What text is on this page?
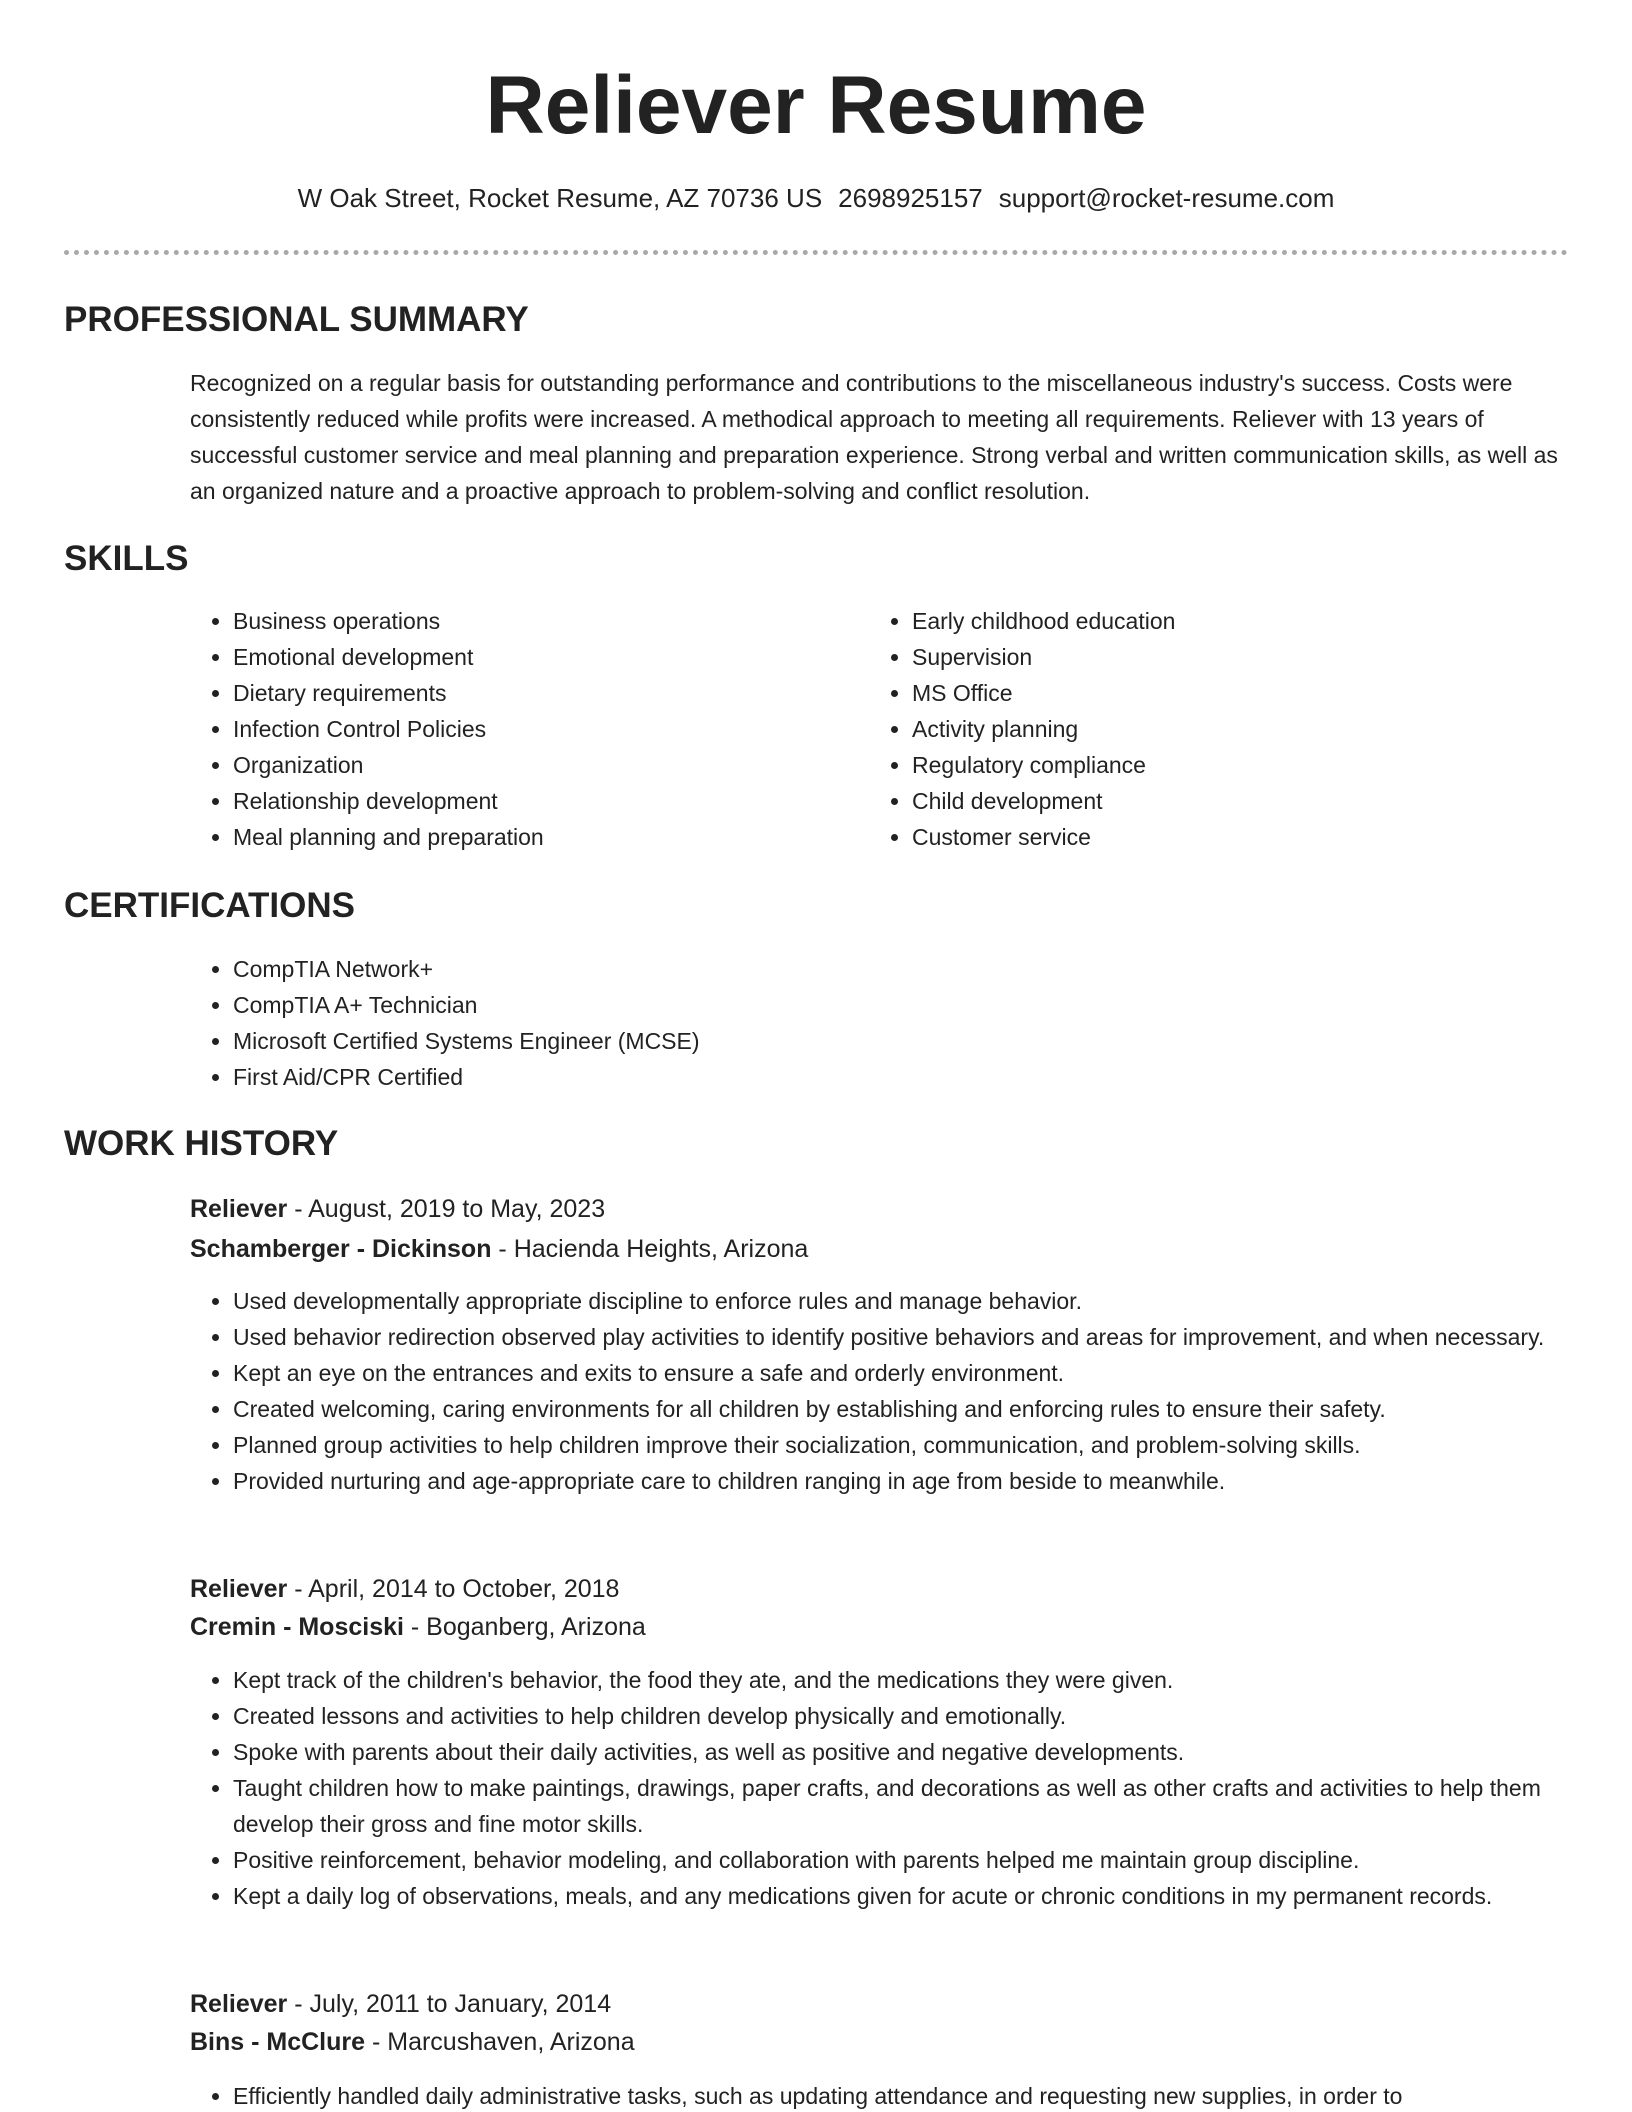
Reliever Resume
W Oak Street, Rocket Resume, AZ 70736 US 2698925157 support@rocket-resume.com
PROFESSIONAL SUMMARY

Recognized on a regular basis for outstanding performance and contributions to the miscellaneous industry's success. Costs were consistently reduced while profits were increased. A methodical approach to meeting all requirements. Reliever with 13 years of successful customer service and meal planning and preparation experience. Strong verbal and written communication skills, as well as an organized nature and a proactive approach to problem-solving and conflict resolution.

SKILLS
• Business operations
• Emotional development
• Dietary requirements
• Infection Control Policies
• Organization
• Relationship development
• Meal planning and preparation
• Early childhood education
• Supervision
• MS Office
• Activity planning
• Regulatory compliance
• Child development
• Customer service
CERTIFICATIONS
• CompTIA Network+
• CompTIA A+ Technician
• Microsoft Certified Systems Engineer (MCSE)
• First Aid/CPR Certified
WORK HISTORY
Reliever - August, 2019 to May, 2023
Schamberger - Dickinson - Hacienda Heights, Arizona
• Used developmentally appropriate discipline to enforce rules and manage behavior.
• Used behavior redirection observed play activities to identify positive behaviors and areas for improvement, and when necessary.
• Kept an eye on the entrances and exits to ensure a safe and orderly environment.
• Created welcoming, caring environments for all children by establishing and enforcing rules to ensure their safety.
• Planned group activities to help children improve their socialization, communication, and problem-solving skills.
• Provided nurturing and age-appropriate care to children ranging in age from beside to meanwhile.
Reliever - April, 2014 to October, 2018
Cremin - Mosciski - Boganberg, Arizona
• Kept track of the children's behavior, the food they ate, and the medications they were given.
• Created lessons and activities to help children develop physically and emotionally.
• Spoke with parents about their daily activities, as well as positive and negative developments.
• Taught children how to make paintings, drawings, paper crafts, and decorations as well as other crafts and activities to help them develop their gross and fine motor skills.
• Positive reinforcement, behavior modeling, and collaboration with parents helped me maintain group discipline.
• Kept a daily log of observations, meals, and any medications given for acute or chronic conditions in my permanent records.
Reliever - July, 2011 to January, 2014
Bins - McClure - Marcushaven, Arizona
• Efficiently handled daily administrative tasks, such as updating attendance and requesting new supplies, in order to
